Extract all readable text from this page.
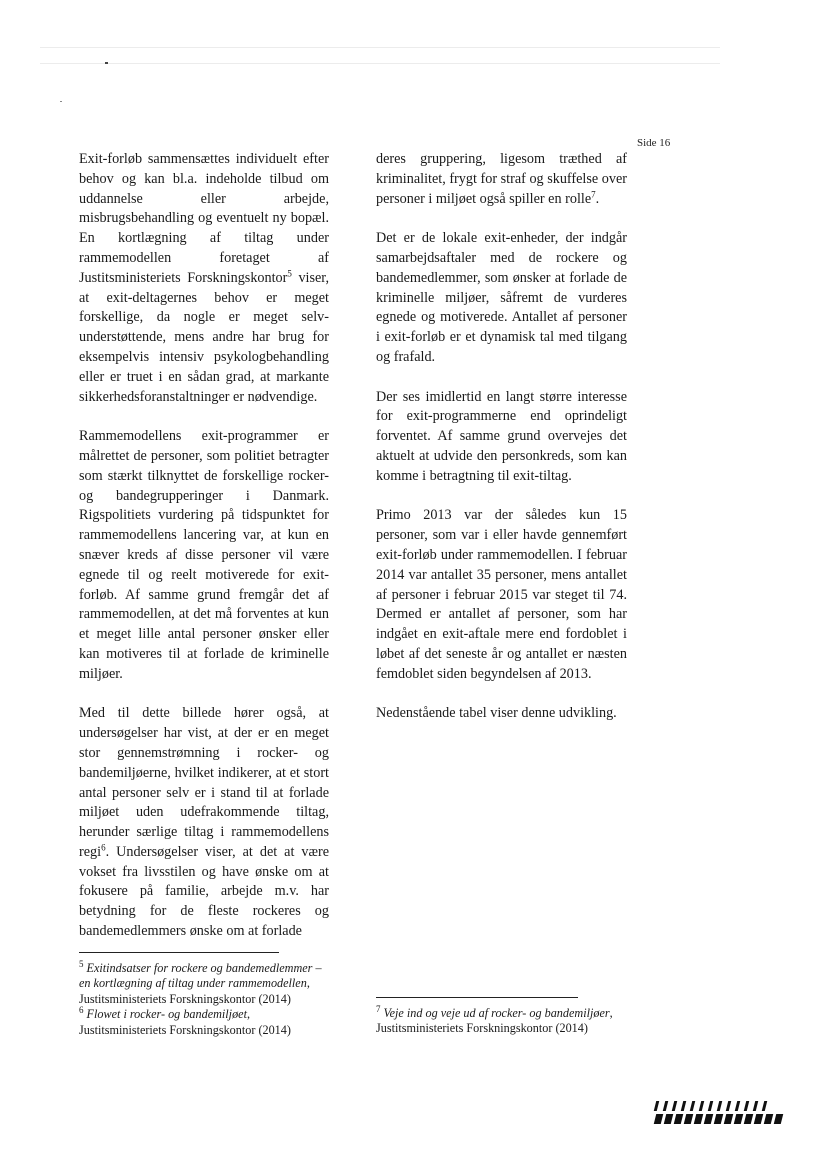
Side 16

Exit-forløb sammensættes individuelt efter behov og kan bl.a. indeholde tilbud om uddannelse eller arbejde, misbrugsbehandling og eventuelt ny bopæl. En kortlægning af tiltag under rammemodellen foretaget af Justitsministeriets Forskningskontor$^5$ viser, at exit-deltagernes behov er meget forskellige, da nogle er meget selv-understøttende, mens andre har brug for eksempelvis intensiv psykologbehandling eller er truet i en sådan grad, at markante sikkerhedsforanstaltninger er nødvendige.

Rammemodellens exit-programmer er målrettet de personer, som politiet betragter som stærkt tilknyttet de forskellige rocker- og bandegrupperinger i Danmark. Rigspolitiets vurdering på tidspunktet for rammemodellens lancering var, at kun en snæver kreds af disse personer vil være egnede til og reelt motiverede for exit-forløb. Af samme grund fremgår det af rammemodellen, at det må forventes at kun et meget lille antal personer ønsker eller kan motiveres til at forlade de kriminelle miljøer.

Med til dette billede hører også, at undersøgelser har vist, at der er en meget stor gennemstrømning i rocker- og bandemiljøerne, hvilket indikerer, at et stort antal personer selv er i stand til at forlade miljøet uden udefrakommende tiltag, herunder særlige tiltag i rammemodellens regi$^6$. Undersøgelser viser, at det at være vokset fra livsstilen og have ønske om at fokusere på familie, arbejde m.v. har betydning for de fleste rockeres og bandemedlemmers ønske om at forlade

deres gruppering, ligesom træthed af kriminalitet, frygt for straf og skuffelse over personer i miljøet også spiller en rolle$^7$.

Det er de lokale exit-enheder, der indgår samarbejdsaftaler med de rockere og bandemedlemmer, som ønsker at forlade de kriminelle miljøer, såfremt de vurderes egnede og motiverede. Antallet af personer i exit-forløb er et dynamisk tal med tilgang og frafald.

Der ses imidlertid en langt større interesse for exit-programmerne end oprindeligt forventet. Af samme grund overvejes det aktuelt at udvide den personkreds, som kan komme i betragtning til exit-tiltag.

Primo 2013 var der således kun 15 personer, som var i eller havde gennemført exit-forløb under rammemodellen. I februar 2014 var antallet 35 personer, mens antallet af personer i februar 2015 var steget til 74. Dermed er antallet af personer, som har indgået en exit-aftale mere end fordoblet i løbet af det seneste år og antallet er næsten femdoblet siden begyndelsen af 2013.

Nedenstående tabel viser denne udvikling.

$^5$ Exitindsatser for rockere og bandemedlemmer – en kortlægning af tiltag under rammemodellen, Justitsministeriets Forskningskontor (2014)

$^6$ Flowet i rocker- og bandemiljøet, Justitsministeriets Forskningskontor (2014)

$^7$ Veje ind og veje ud af rocker- og bandemiljøer, Justitsministeriets Forskningskontor (2014)
